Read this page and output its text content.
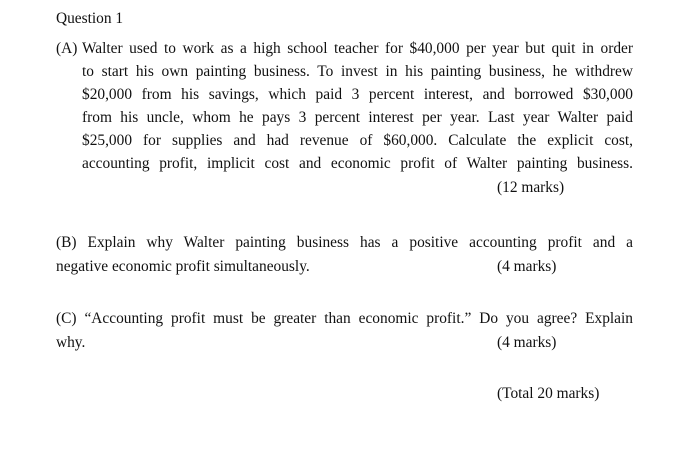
Question 1
(A) Walter used to work as a high school teacher for $40,000 per year but quit in order
to start his own painting business. To invest in his painting business, he withdrew
$20,000 from his savings, which paid 3 percent interest, and borrowed $30,000
from his uncle, whom he pays 3 percent interest per year. Last year Walter paid
$25,000 for supplies and had revenue of $60,000. Calculate the explicit cost,
accounting profit, implicit cost and economic profit of Walter painting business.
(12 marks)
(B) Explain why Walter painting business has a positive accounting profit and a
negative economic profit simultaneously.	(4 marks)
(C) “Accounting profit must be greater than economic profit.” Do you agree? Explain
why.	(4 marks)
(Total 20 marks)
